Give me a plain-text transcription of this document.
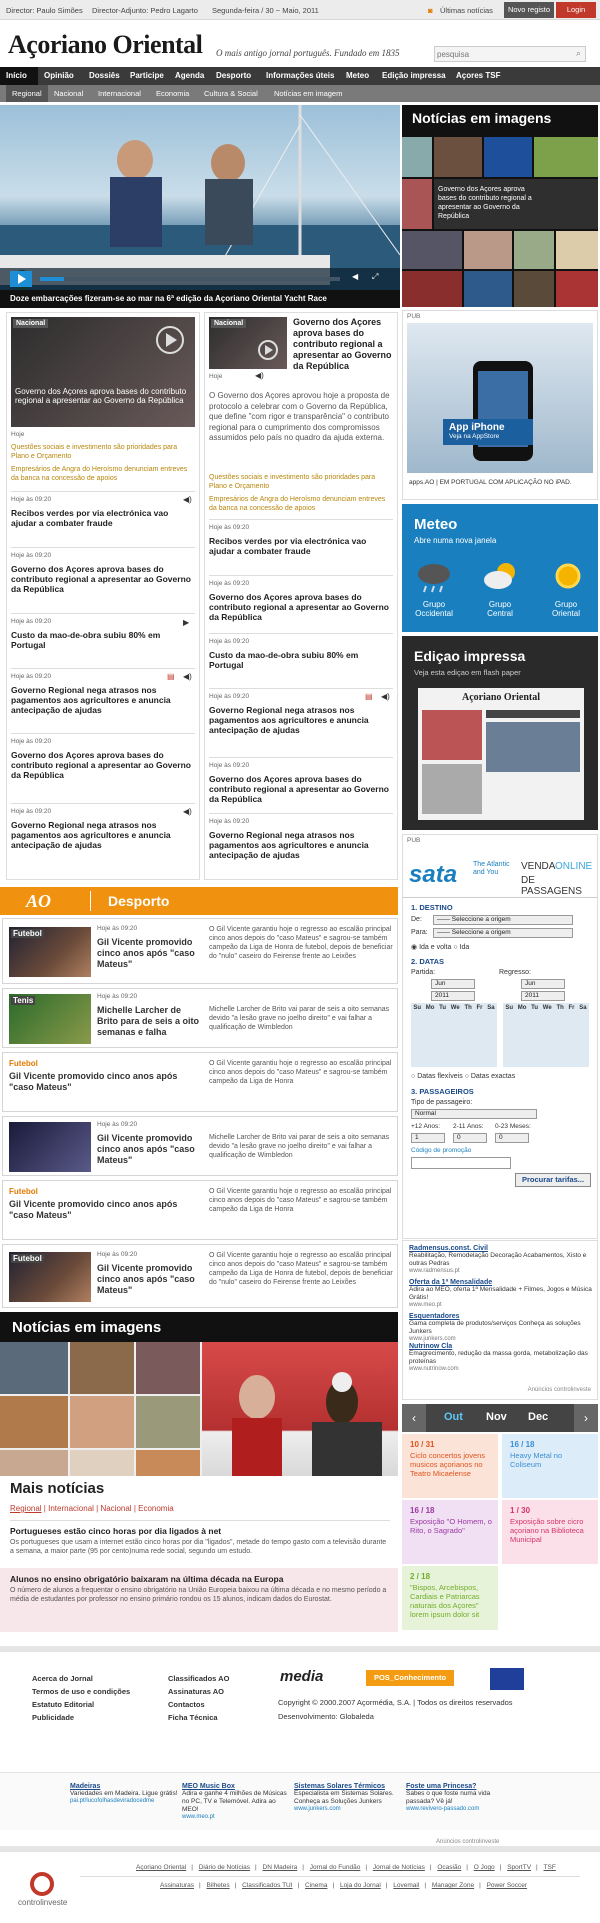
Director: Paulo Simões Director-Adjunto: Pedro Lagarto Segunda-feira / 30 ~ Maio, 2011	◙ Últimas notícias	Novo registo	Login
Açoriano Oriental O mais antigo jornal português. Fundado em 1835
pesquisa	⌕
Início	Opinião Dossiês Participe Agenda Desporto Informações úteis Meteo Edição impressa Açores TSF
Regional	Nacional Internacional Economia Cultura & Social Notícias em imagem
◀ ⤢
Doze embarcações fizeram-se ao mar na 6ª edição da Açoriano Oriental Yacht Race
Notícias em imagens
Governo dos Açores aprova bases do contributo regional a apresentar ao Governo da República
Nacional
Governo dos Açores aprova bases do contributo regional a apresentar ao Governo da República
Hoje
Questões sociais e investimento são prioridades para Plano e Orçamento
Empresários de Angra do Heroísmo denunciam entreves da banca na concessão de apoios
Hoje às 09:20	◀)
Recibos verdes por via electrónica vao ajudar a combater fraude
Hoje às 09:20
Governo dos Açores aprova bases do contributo regional a apresentar ao Governo da República
Hoje às 09:20	▶
Custo da mao-de-obra subiu 80% em Portugal
Hoje às 09:20	▤ ◀)
Governo Regional nega atrasos nos pagamentos aos agricultores e anuncia antecipação de ajudas
Hoje às 09:20
Governo dos Açores aprova bases do contributo regional a apresentar ao Governo da República
Hoje às 09:20	◀)
Governo Regional nega atrasos nos pagamentos aos agricultores e anuncia antecipação de ajudas
Nacional	Governo dos Açores aprova bases do contributo regional a apresentar ao Governo da República
Hoje	◀)
O Governo dos Açores aprovou hoje a proposta de protocolo a celebrar com o Governo da República, que define "com rigor e transparência" o contributo regional para o cumprimento dos compromissos assumidos pelo país no quadro da ajuda externa.
Questões sociais e investimento são prioridades para Plano e Orçamento
Empresários de Angra do Heroísmo denunciam entreves da banca na concessão de apoios
Hoje às 09:20
Recibos verdes por via electrónica vao ajudar a combater fraude
Hoje às 09:20
Governo dos Açores aprova bases do contributo regional a apresentar ao Governo da República
Hoje às 09:20
Custo da mao-de-obra subiu 80% em Portugal
Hoje às 09:20	▤ ◀)
Governo Regional nega atrasos nos pagamentos aos agricultores e anuncia antecipação de ajudas
Hoje às 09:20
Governo dos Açores aprova bases do contributo regional a apresentar ao Governo da República
Hoje às 09:20
Governo Regional nega atrasos nos pagamentos aos agricultores e anuncia antecipação de ajudas
PUB
App iPhone
Veja na AppStore
apps.AO | EM PORTUGAL COM APLICAÇÃO NO iPAD.
Meteo
Abre numa nova janela
Grupo Occidental
Grupo Central
Grupo Oriental
Ediçao impressa
Veja esta ediçao em flash paper
Açoriano Oriental
AO	Desporto
Futebol
Hoje às 09:20
Gil Vicente promovido cinco anos após "caso Mateus"
O Gil Vicente garantiu hoje o regresso ao escalão principal cinco anos depois do "caso Mateus" e sagrou-se também campeão da Liga de Honra de futebol, depois de beneficiar do "nulo" caseiro do Feirense frente ao Leixões
Tenis	Hoje às 09:20
Michelle Larcher de Brito para de seis a oito semanas e falha
Michelle Larcher de Brito vai parar de seis a oito semanas devido "a lesão grave no joelho direito" e vai falhar a qualificação de Wimbledon
Futebol
Gil Vicente promovido cinco anos após "caso Mateus"
O Gil Vicente garantiu hoje o regresso ao escalão principal cinco anos depois do "caso Mateus" e sagrou-se também campeão da Liga de Honra
Hoje às 09:20
Gil Vicente promovido cinco anos após "caso Mateus"
Michelle Larcher de Brito vai parar de seis a oito semanas devido "a lesão grave no joelho direito" e vai falhar a qualificação de Wimbledon
Futebol
Gil Vicente promovido cinco anos após "caso Mateus"
O Gil Vicente garantiu hoje o regresso ao escalão principal cinco anos depois do "caso Mateus" e sagrou-se também campeão da Liga de Honra
Futebol	Hoje às 09:20
Gil Vicente promovido cinco anos após "caso Mateus"
O Gil Vicente garantiu hoje o regresso ao escalão principal cinco anos depois do "caso Mateus" e sagrou-se também campeão da Liga de Honra de futebol, depois de beneficiar do "nulo" caseiro do Feirense frente ao Leixões
PUB
sata The Atlantic and You
VENDA ONLINE
DE PASSAGENS
1. DESTINO
De:	—— Seleccione a origem
Para:	—— Seleccione a origem
◉ Ida e volta ○ Ida
2. DATAS
Partida:	Regresso:
Jun
2011
Jun
2011
Su Mo Tu We Th Fr Sa Su Mo Tu We Th Fr Sa
○ Datas flexíveis ○ Datas exactas
3. PASSAGEIROS
Tipo de passageiro:
Normal
+12 Anos: 2-11 Anos: 0-23 Meses:
1	0	0
Código de promoção
Procurar tarifas...
Radmensus.const. Civil
Reabilitação, Remodelação Decoração Acabamentos, Xisto e outras Pedras
www.radmensus.pt
Oferta da 1ª Mensalidade
Adira ao MEO, oferta 1ª Mensalidade + Filmes, Jogos e Música Grátis!
www.meo.pt
Esquentadores
Gama completa de produtos/serviços Conheça as soluções Junkers
www.junkers.com
Nutrinow Cla
Emagrecimento, redução da massa gorda, metabolização das proteínas
www.nutrinow.com
Anúncios controlinveste
Notícias em imagens
‹	Out Nov Dec	›
10 / 31
Ciclo concertos jovens musicos açorianos no Teatro Micaelense
16 / 18
Heavy Metal no Coliseum
16 / 18
Exposição "O Homem, o Rito, o Sagrado"
1 / 30
Exposição sobre cicro açoriano na Biblioteca Municipal
2 / 18
"Bispos, Arcebispos, Cardiais e Patriarcas naturais dos Açores" lorem ipsum dolor sit
Mais notícias
Regional | Internacional | Nacional | Economia
Portugueses estão cinco horas por dia ligados à net
Os portugueses que usam a internet estão cinco horas por dia "ligados", metade do tempo gasto com a televisão durante a semana, a maior parte (95 por cento)numa rede social, segundo um estudo.
Alunos no ensino obrigatório baixaram na última década na Europa
O número de alunos a frequentar o ensino obrigatório na União Europeia baixou na última década e no mesmo período a média de estudantes por professor no ensino primário rondou os 15 alunos, indicam dados do Eurostat.
Acerca do Jornal
Termos de uso e condições
Estatuto Editorial
Publicidade
Classificados AO
Assinaturas AO
Contactos
Ficha Técnica
media	POS_Conhecimento
Copyright © 2000.2007 Açormédia, S.A. | Todos os direitos reservados
Desenvolvimento: Globaleda
Madeiras
Variedades em Madeira. Ligue grátis!
pai.pt/lucofolhasdeviradocedme
MEO Music Box
Adira e ganhe 4 milhões de Músicas no PC, TV e Telemóvel. Adira ao MEO!
www.meo.pt
Sistemas Solares Térmicos
Especialista em Sistemas Solares. Conheça as Soluções Junkers
www.junkers.com
Foste uma Princesa?
Sabes o que foste numa vida passada? Vê já!
www.revivero-passado.com
Anúncios controlinveste
controlinveste
Açoriano Oriental | Diário de Notícias | DN Madeira | Jornal do Fundão | Jornal de Notícias | Ocasião | O Jogo | SportTV | TSF
Assinaturas | Bilhetes | Classificados TUI | Cinema | Loja do Jornal | Lovemail | Manager Zone | Power Soccer
